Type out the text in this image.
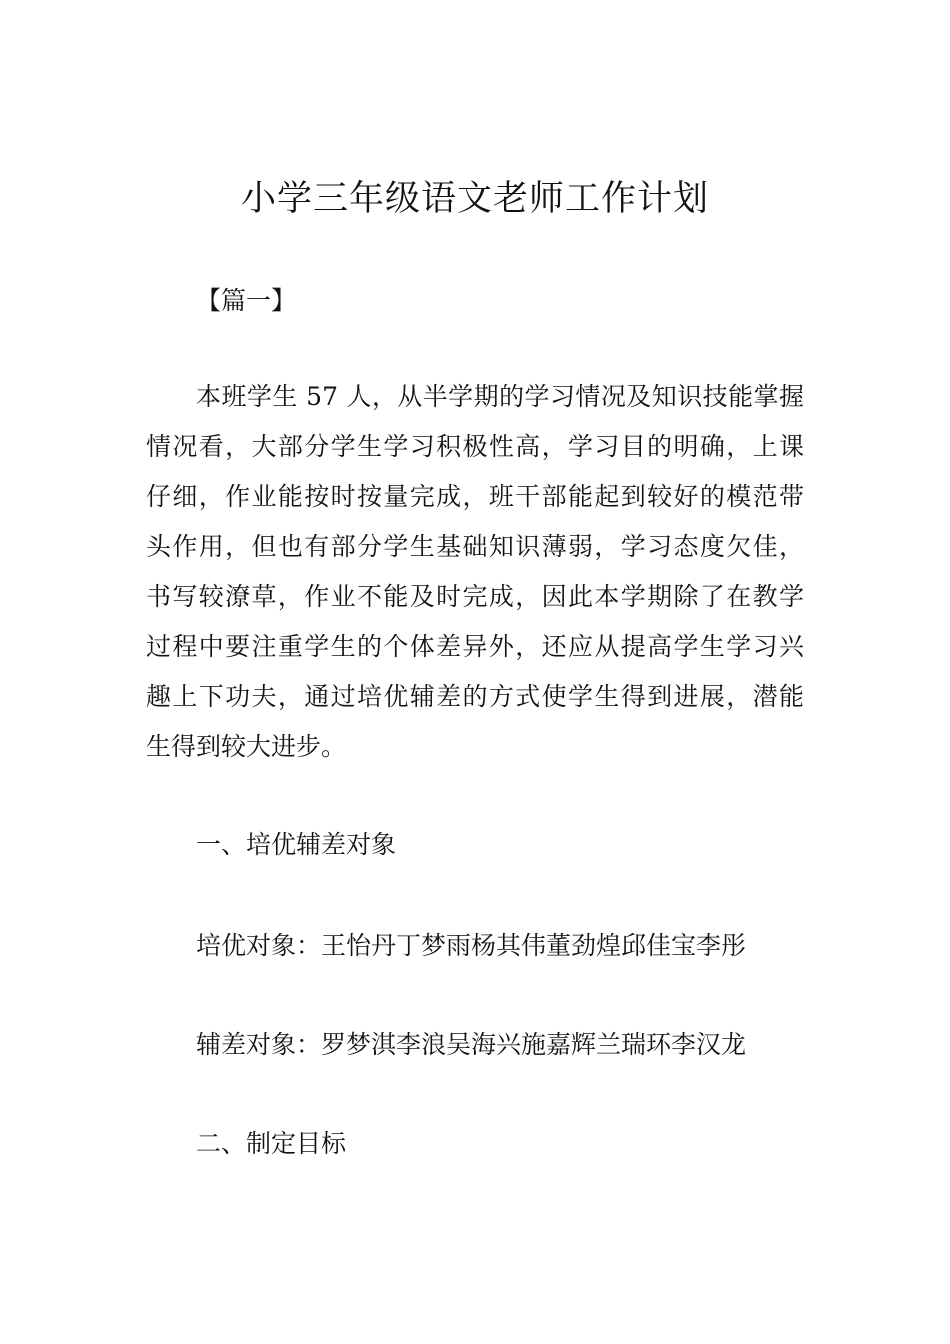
小学三年级语文老师工作计划
【篇一】
本班学生 57 人，从半学期的学习情况及知识技能掌握
情况看，大部分学生学习积极性高，学习目的明确，上课
仔细，作业能按时按量完成，班干部能起到较好的模范带
头作用，但也有部分学生基础知识薄弱，学习态度欠佳，
书写较潦草，作业不能及时完成，因此本学期除了在教学
过程中要注重学生的个体差异外，还应从提高学生学习兴
趣上下功夫，通过培优辅差的方式使学生得到进展，潜能
生得到较大进步。
一、培优辅差对象
培优对象：王怡丹丁梦雨杨其伟董劲煌邱佳宝李彤
辅差对象：罗梦淇李浪吴海兴施嘉辉兰瑞环李汉龙
二、制定目标
